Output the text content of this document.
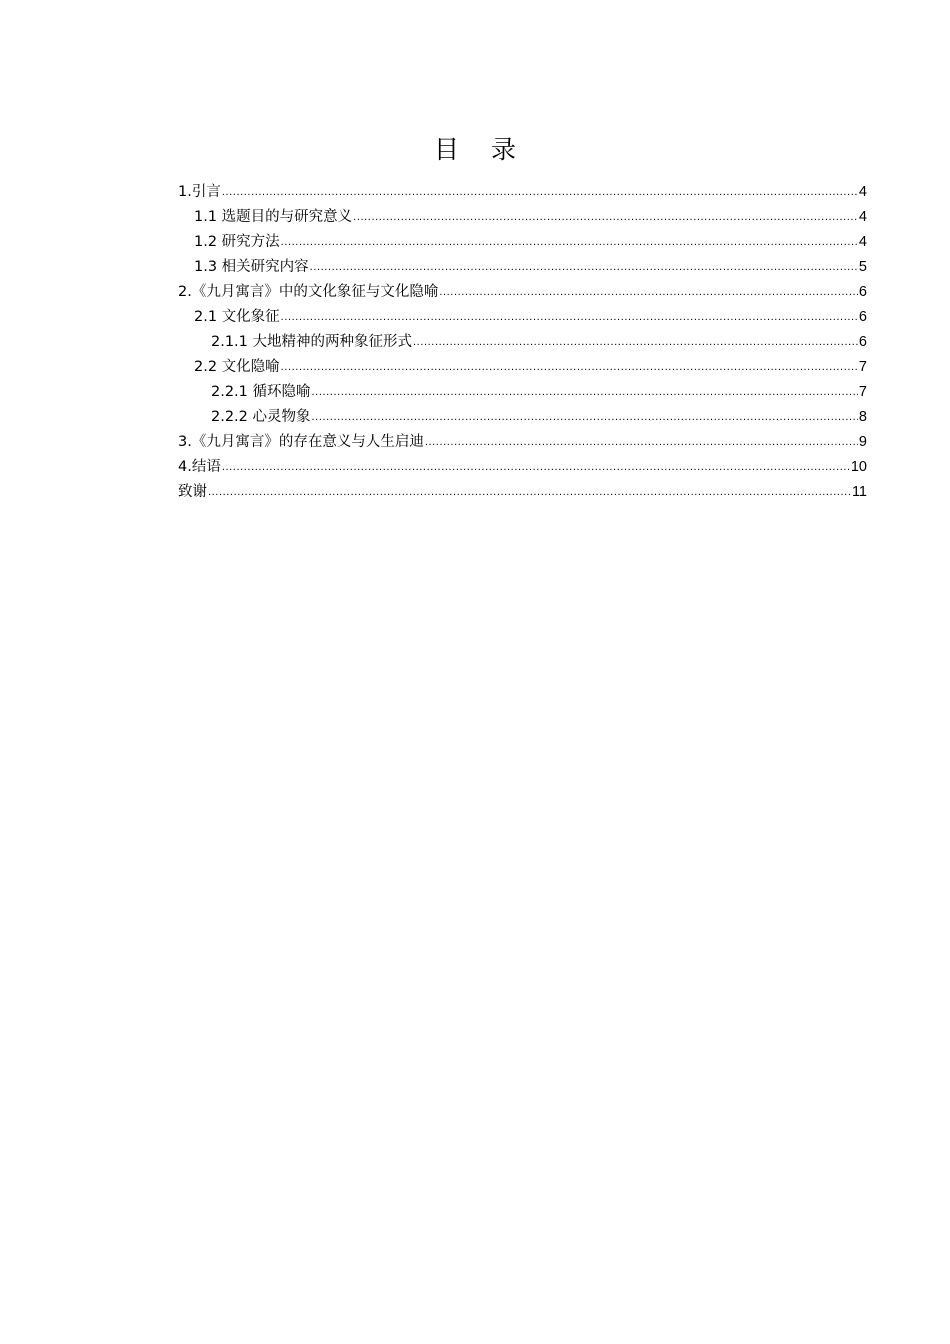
目 录
1.引言 .....	4
1.1 选题目的与研究意义 .....	4
1.2 研究方法 .....	4
1.3 相关研究内容 .....	5
2.《九月寓言》中的文化象征与文化隐喻 .....	6
2.1 文化象征 .....	6
2.1.1 大地精神的两种象征形式 .....	6
2.2 文化隐喻 .....	7
2.2.1 循环隐喻 .....	7
2.2.2 心灵物象 .....	8
3.《九月寓言》的存在意义与人生启迪 .....	9
4.结语 .....	10
致谢 .....	11
